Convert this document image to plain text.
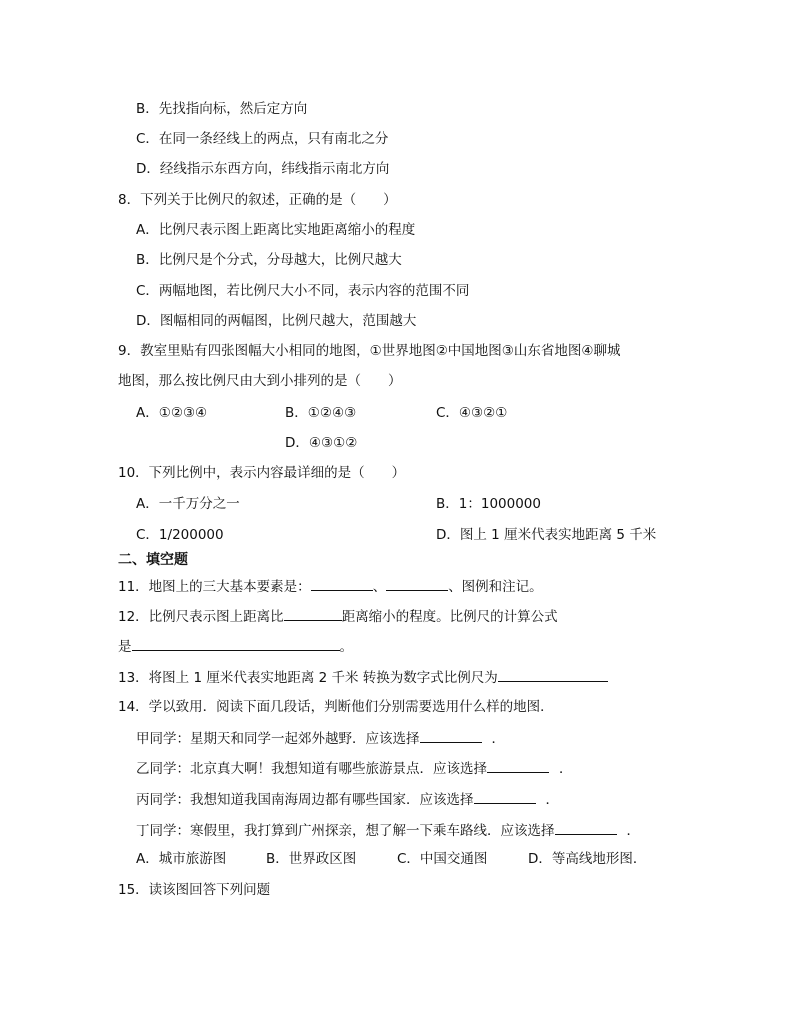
B．先找指向标，然后定方向
C．在同一条经线上的两点，只有南北之分
D．经线指示东西方向，纬线指示南北方向
8．下列关于比例尺的叙述，正确的是（　　）
A．比例尺表示图上距离比实地距离缩小的程度
B．比例尺是个分式，分母越大，比例尺越大
C．两幅地图，若比例尺大小不同，表示内容的范围不同
D．图幅相同的两幅图，比例尺越大，范围越大
9．教室里贴有四张图幅大小相同的地图，①世界地图②中国地图③山东省地图④聊城
地图，那么按比例尺由大到小排列的是（　　）
A．①②③④	B．①②④③	C．④③②①
D．④③①②
10．下列比例中，表示内容最详细的是（　　）
A．一千万分之一	B．1：1000000
C．1/200000	D．图上 1 厘米代表实地距离 5 千米
二、填空题
11．地图上的三大基本要素是：	、	、图例和注记。
12．比例尺表示图上距离比	距离缩小的程度。比例尺的计算公式
是	。
13．将图上 1 厘米代表实地距离 2 千米 转换为数字式比例尺为
14．学以致用．阅读下面几段话，判断他们分别需要选用什么样的地图．
甲同学：星期天和同学一起郊外越野．应该选择	．
乙同学：北京真大啊！我想知道有哪些旅游景点．应该选择	．
丙同学：我想知道我国南海周边都有哪些国家．应该选择	．
丁同学：寒假里，我打算到广州探亲，想了解一下乘车路线．应该选择	．
A．城市旅游图	B．世界政区图	C．中国交通图	D．等高线地形图．
15．读该图回答下列问题
